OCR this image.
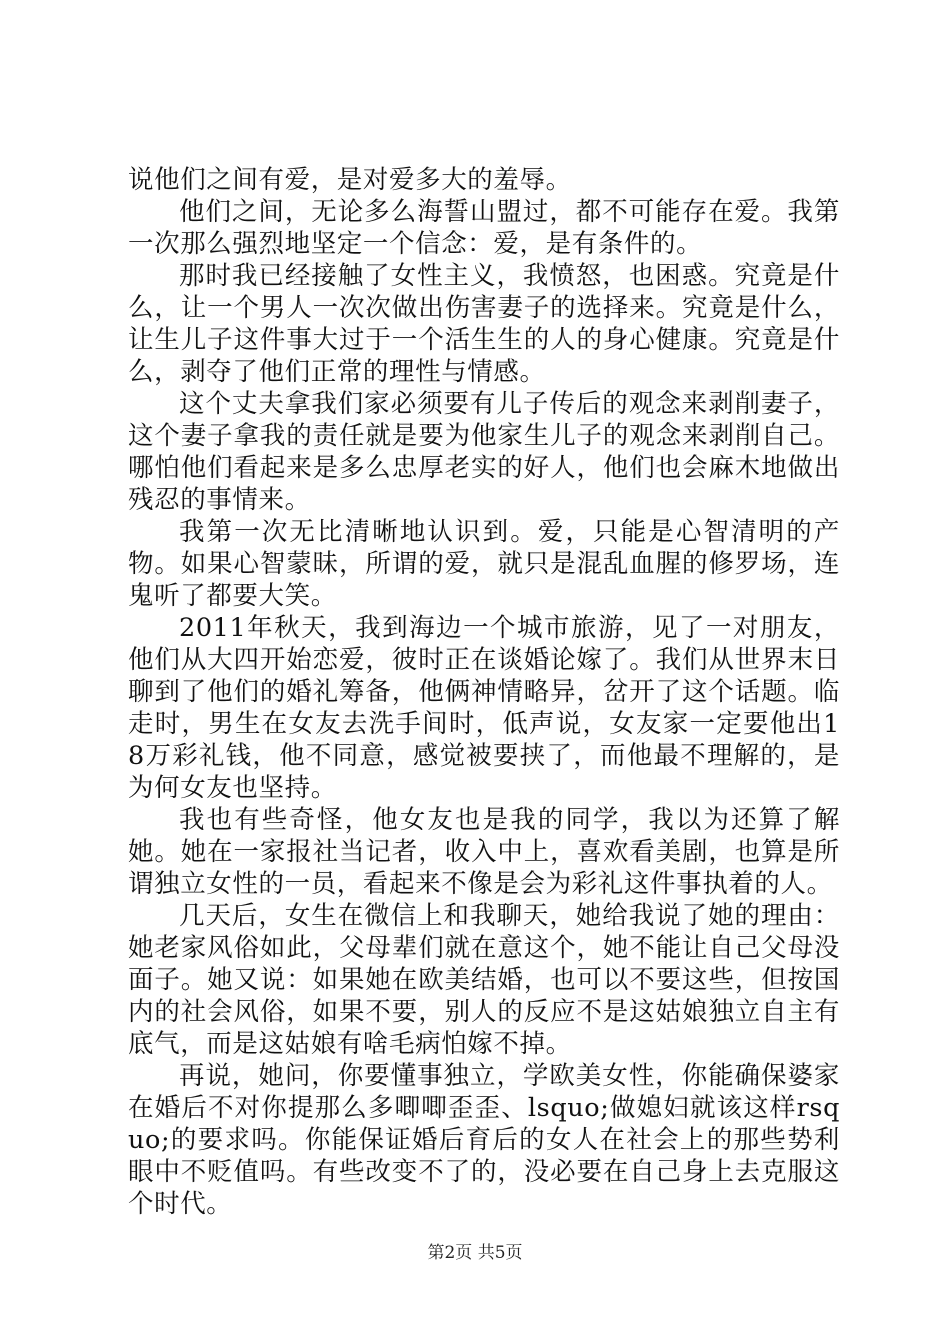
说他们之间有爱，是对爱多大的羞辱。

他们之间，无论多么海誓山盟过，都不可能存在爱。我第一次那么强烈地坚定一个信念：爱，是有条件的。

那时我已经接触了女性主义，我愤怒，也困惑。究竟是什么，让一个男人一次次做出伤害妻子的选择来。究竟是什么，让生儿子这件事大过于一个活生生的人的身心健康。究竟是什么，剥夺了他们正常的理性与情感。

这个丈夫拿我们家必须要有儿子传后的观念来剥削妻子，这个妻子拿我的责任就是要为他家生儿子的观念来剥削自己。哪怕他们看起来是多么忠厚老实的好人，他们也会麻木地做出残忍的事情来。

我第一次无比清晰地认识到。爱，只能是心智清明的产物。如果心智蒙昧，所谓的爱，就只是混乱血腥的修罗场，连鬼听了都要大笑。

2011年秋天，我到海边一个城市旅游，见了一对朋友，他们从大四开始恋爱，彼时正在谈婚论嫁了。我们从世界末日聊到了他们的婚礼筹备，他俩神情略异，岔开了这个话题。临走时，男生在女友去洗手间时，低声说，女友家一定要他出18万彩礼钱，他不同意，感觉被要挟了，而他最不理解的，是为何女友也坚持。

我也有些奇怪，他女友也是我的同学，我以为还算了解她。她在一家报社当记者，收入中上，喜欢看美剧，也算是所谓独立女性的一员，看起来不像是会为彩礼这件事执着的人。

几天后，女生在微信上和我聊天，她给我说了她的理由：她老家风俗如此，父母辈们就在意这个，她不能让自己父母没面子。她又说：如果她在欧美结婚，也可以不要这些，但按国内的社会风俗，如果不要，别人的反应不是这姑娘独立自主有底气，而是这姑娘有啥毛病怕嫁不掉。

再说，她问，你要懂事独立，学欧美女性，你能确保婆家在婚后不对你提那么多唧唧歪歪、lsquo;做媳妇就该这样rsquo;的要求吗。你能保证婚后育后的女人在社会上的那些势利眼中不贬值吗。有些改变不了的，没必要在自己身上去克服这个时代。

第2页 共5页
